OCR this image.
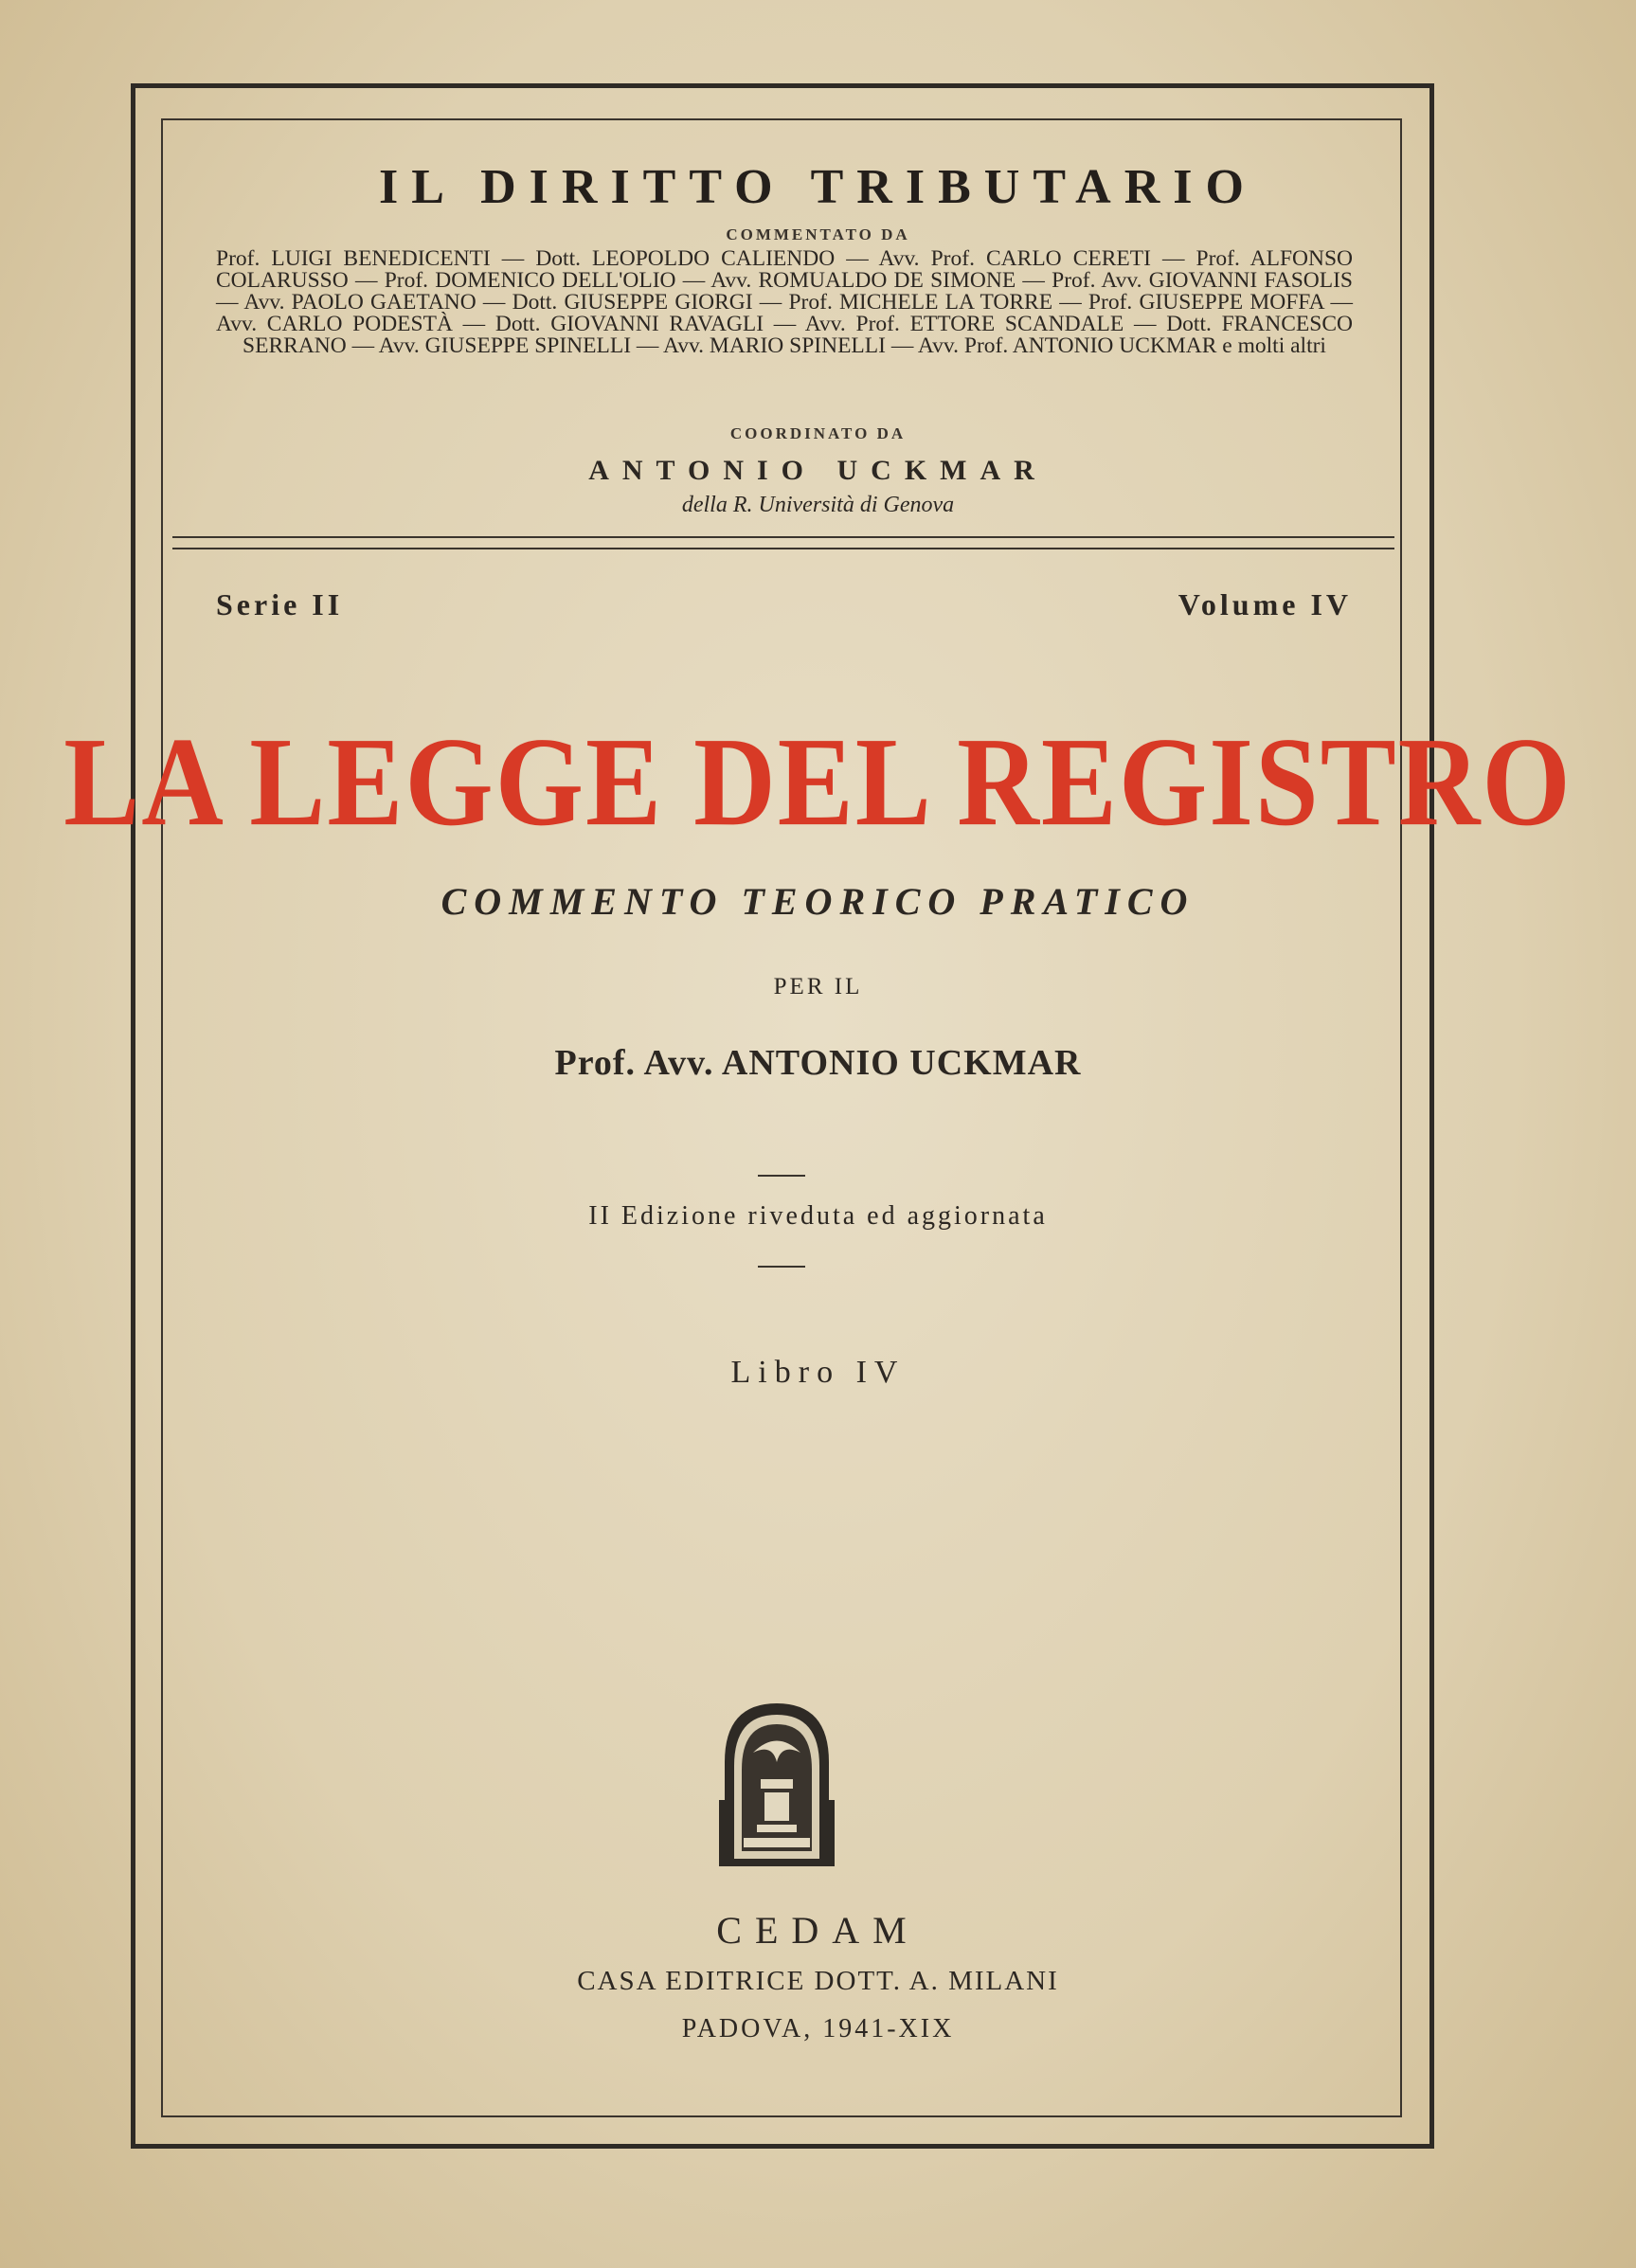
IL DIRITTO TRIBUTARIO
COMMENTATO DA
Prof. LUIGI BENEDICENTI — Dott. LEOPOLDO CALIENDO — Avv. Prof. CARLO CERETI — Prof. ALFONSO COLARUSSO — Prof. DOMENICO DELL'OLIO — Avv. ROMUALDO DE SIMONE — Prof. Avv. GIOVANNI FASOLIS — Avv. PAOLO GAETANO — Dott. GIUSEPPE GIORGI — Prof. MICHELE LA TORRE — Prof. GIUSEPPE MOFFA — Avv. CARLO PODESTÀ — Dott. GIOVANNI RAVAGLI — Avv. Prof. ETTORE SCANDALE — Dott. FRANCESCO SERRANO — Avv. GIUSEPPE SPINELLI — Avv. MARIO SPINELLI — Avv. Prof. ANTONIO UCKMAR e molti altri
COORDINATO DA
ANTONIO UCKMAR
della R. Università di Genova
Serie II	Volume IV
LA LEGGE DEL REGISTRO
COMMENTO TEORICO PRATICO
PER IL
Prof. Avv. ANTONIO UCKMAR
II Edizione riveduta ed aggiornata
Libro IV
CEDAM
CASA EDITRICE DOTT. A. MILANI
PADOVA, 1941-XIX
